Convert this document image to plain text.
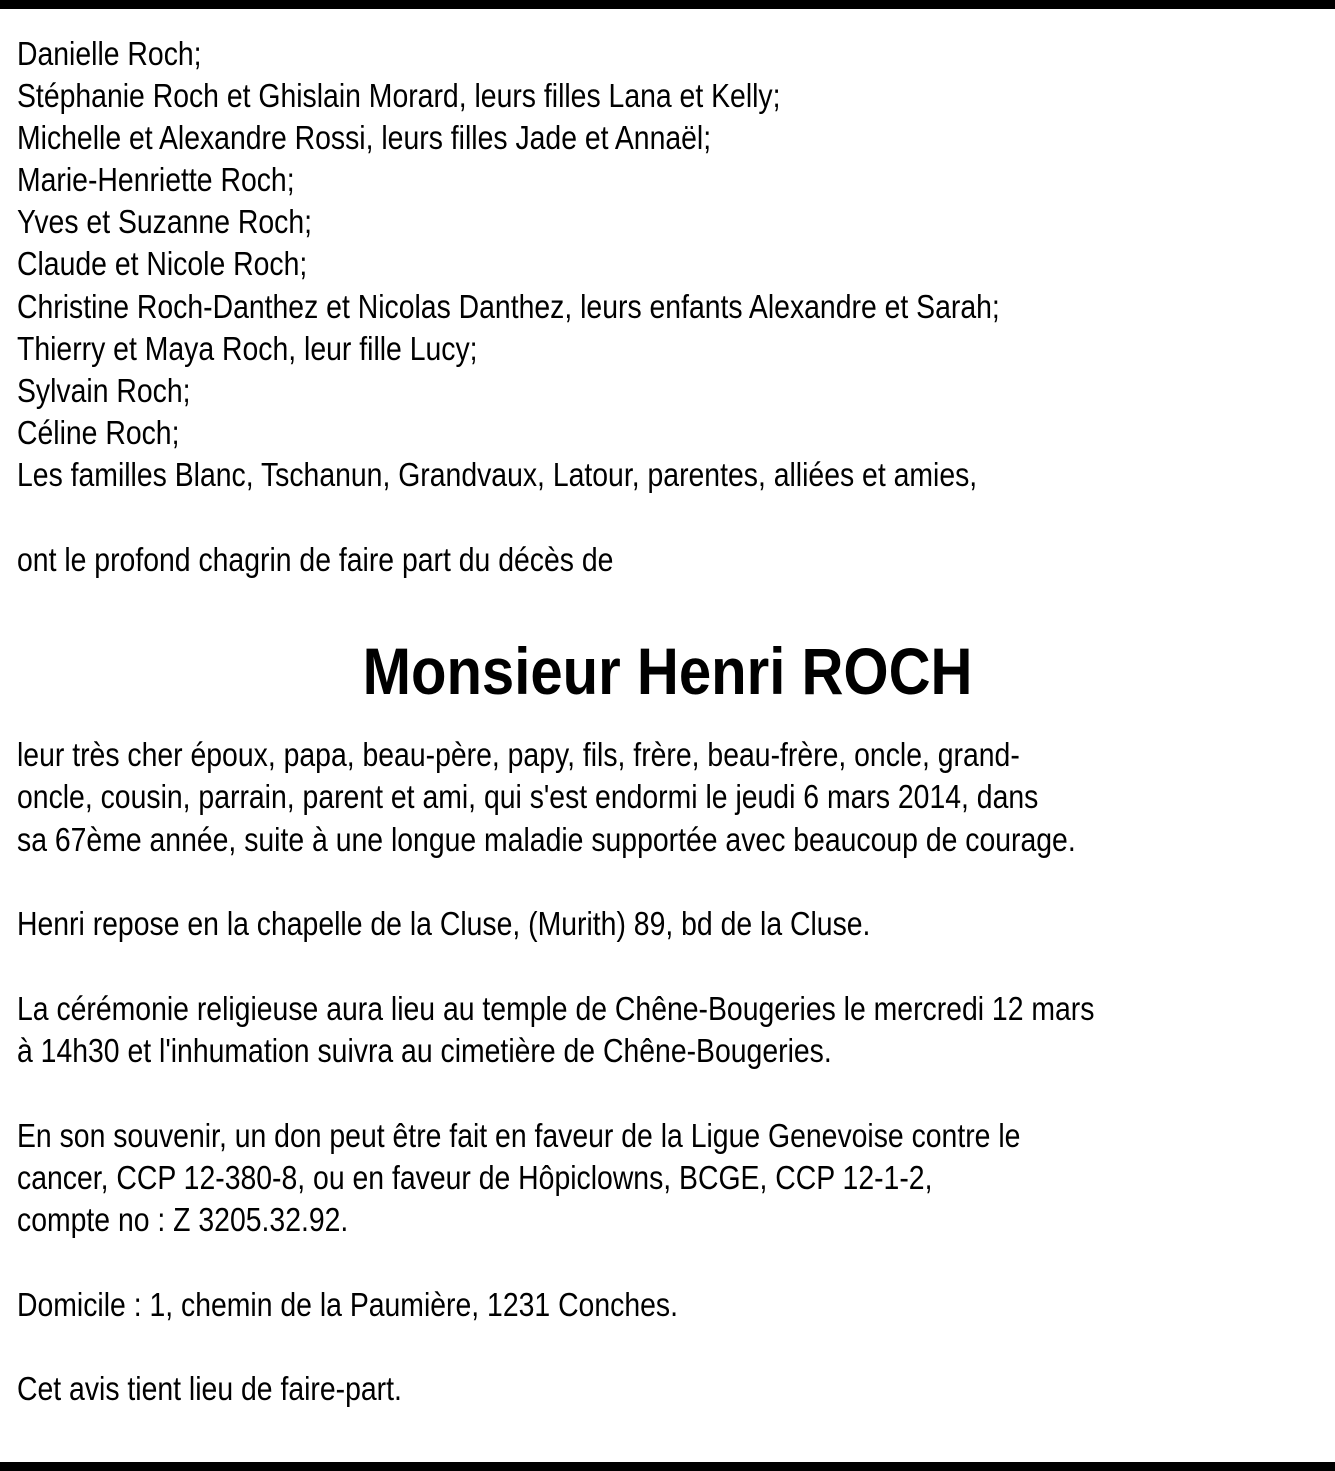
Danielle Roch;
Stéphanie Roch et Ghislain Morard, leurs filles Lana et Kelly;
Michelle et Alexandre Rossi, leurs filles Jade et Annaël;
Marie-Henriette Roch;
Yves et Suzanne Roch;
Claude et Nicole Roch;
Christine Roch-Danthez et Nicolas Danthez, leurs enfants Alexandre et Sarah;
Thierry et Maya Roch, leur fille Lucy;
Sylvain Roch;
Céline Roch;
Les familles Blanc, Tschanun, Grandvaux, Latour, parentes, alliées et amies,
ont le profond chagrin de faire part du décès de
Monsieur Henri ROCH
leur très cher époux, papa, beau-père, papy, fils, frère, beau-frère, oncle, grand-
oncle, cousin, parrain, parent et ami, qui s'est endormi le jeudi 6 mars 2014, dans
sa 67ème année, suite à une longue maladie supportée avec beaucoup de courage.
Henri repose en la chapelle de la Cluse, (Murith) 89, bd de la Cluse.
La cérémonie religieuse aura lieu au temple de Chêne-Bougeries le mercredi 12 mars
à 14h30 et l'inhumation suivra au cimetière de Chêne-Bougeries.
En son souvenir, un don peut être fait en faveur de la Ligue Genevoise contre le
cancer, CCP 12-380-8, ou en faveur de Hôpiclowns, BCGE, CCP 12-1-2,
compte no : Z 3205.32.92.
Domicile : 1, chemin de la Paumière, 1231 Conches.
Cet avis tient lieu de faire-part.
